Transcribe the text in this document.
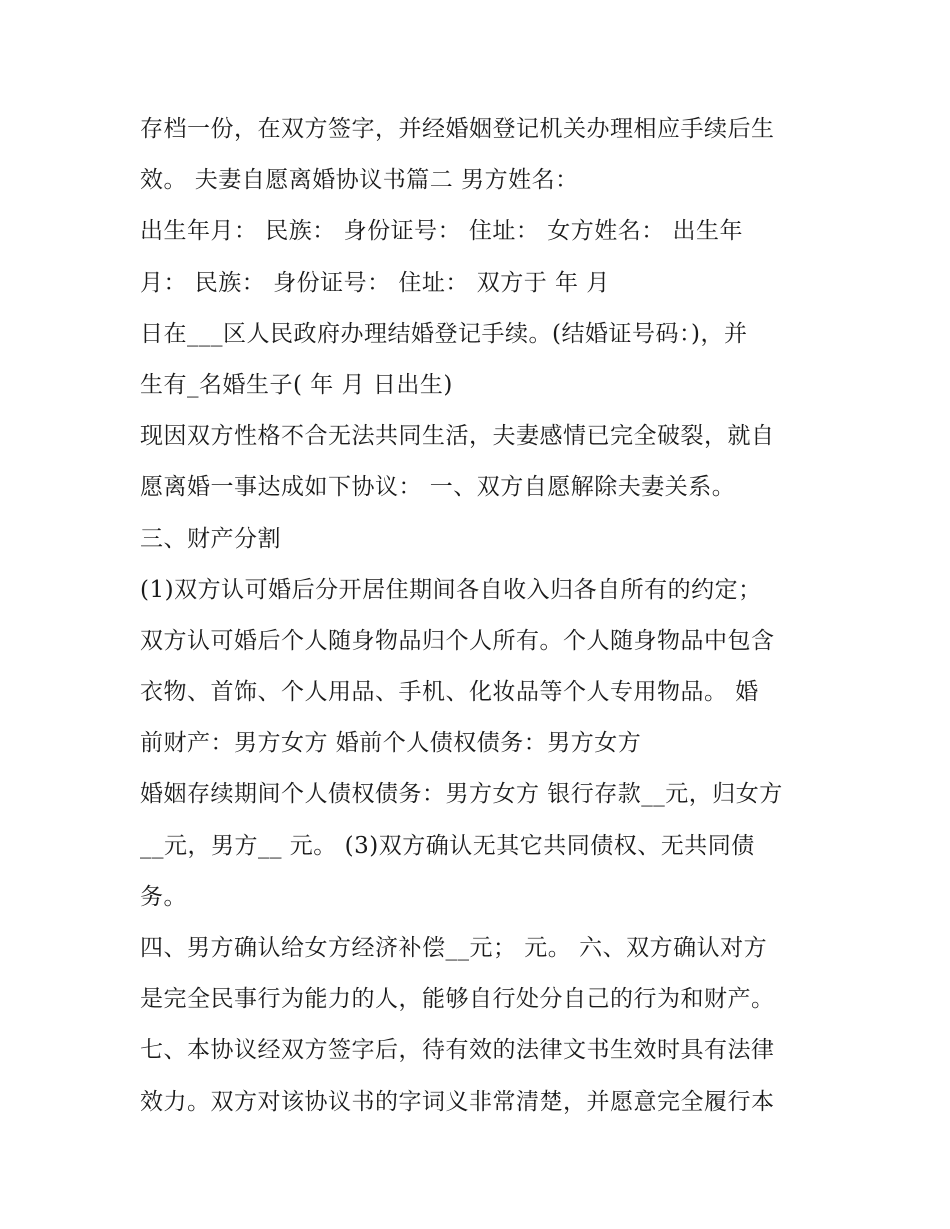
存档一份，在双方签字，并经婚姻登记机关办理相应手续后生
效。 夫妻自愿离婚协议书篇二 男方姓名：
出生年月： 民族： 身份证号： 住址： 女方姓名： 出生年
月： 民族： 身份证号： 住址： 双方于 年 月
日在___区人民政府办理结婚登记手续。(结婚证号码：)，并
生有_名婚生子( 年 月 日出生)
现因双方性格不合无法共同生活，夫妻感情已完全破裂，就自
愿离婚一事达成如下协议： 一、双方自愿解除夫妻关系。
三、财产分割
(1)双方认可婚后分开居住期间各自收入归各自所有的约定；
双方认可婚后个人随身物品归个人所有。个人随身物品中包含
衣物、首饰、个人用品、手机、化妆品等个人专用物品。 婚
前财产：男方女方 婚前个人债权债务：男方女方
婚姻存续期间个人债权债务：男方女方 银行存款__元，归女方
__元，男方__ 元。 (3)双方确认无其它共同债权、无共同债
务。
四、男方确认给女方经济补偿__元； 元。 六、双方确认对方
是完全民事行为能力的人，能够自行处分自己的行为和财产。
七、本协议经双方签字后，待有效的法律文书生效时具有法律
效力。双方对该协议书的字词义非常清楚，并愿意完全履行本
